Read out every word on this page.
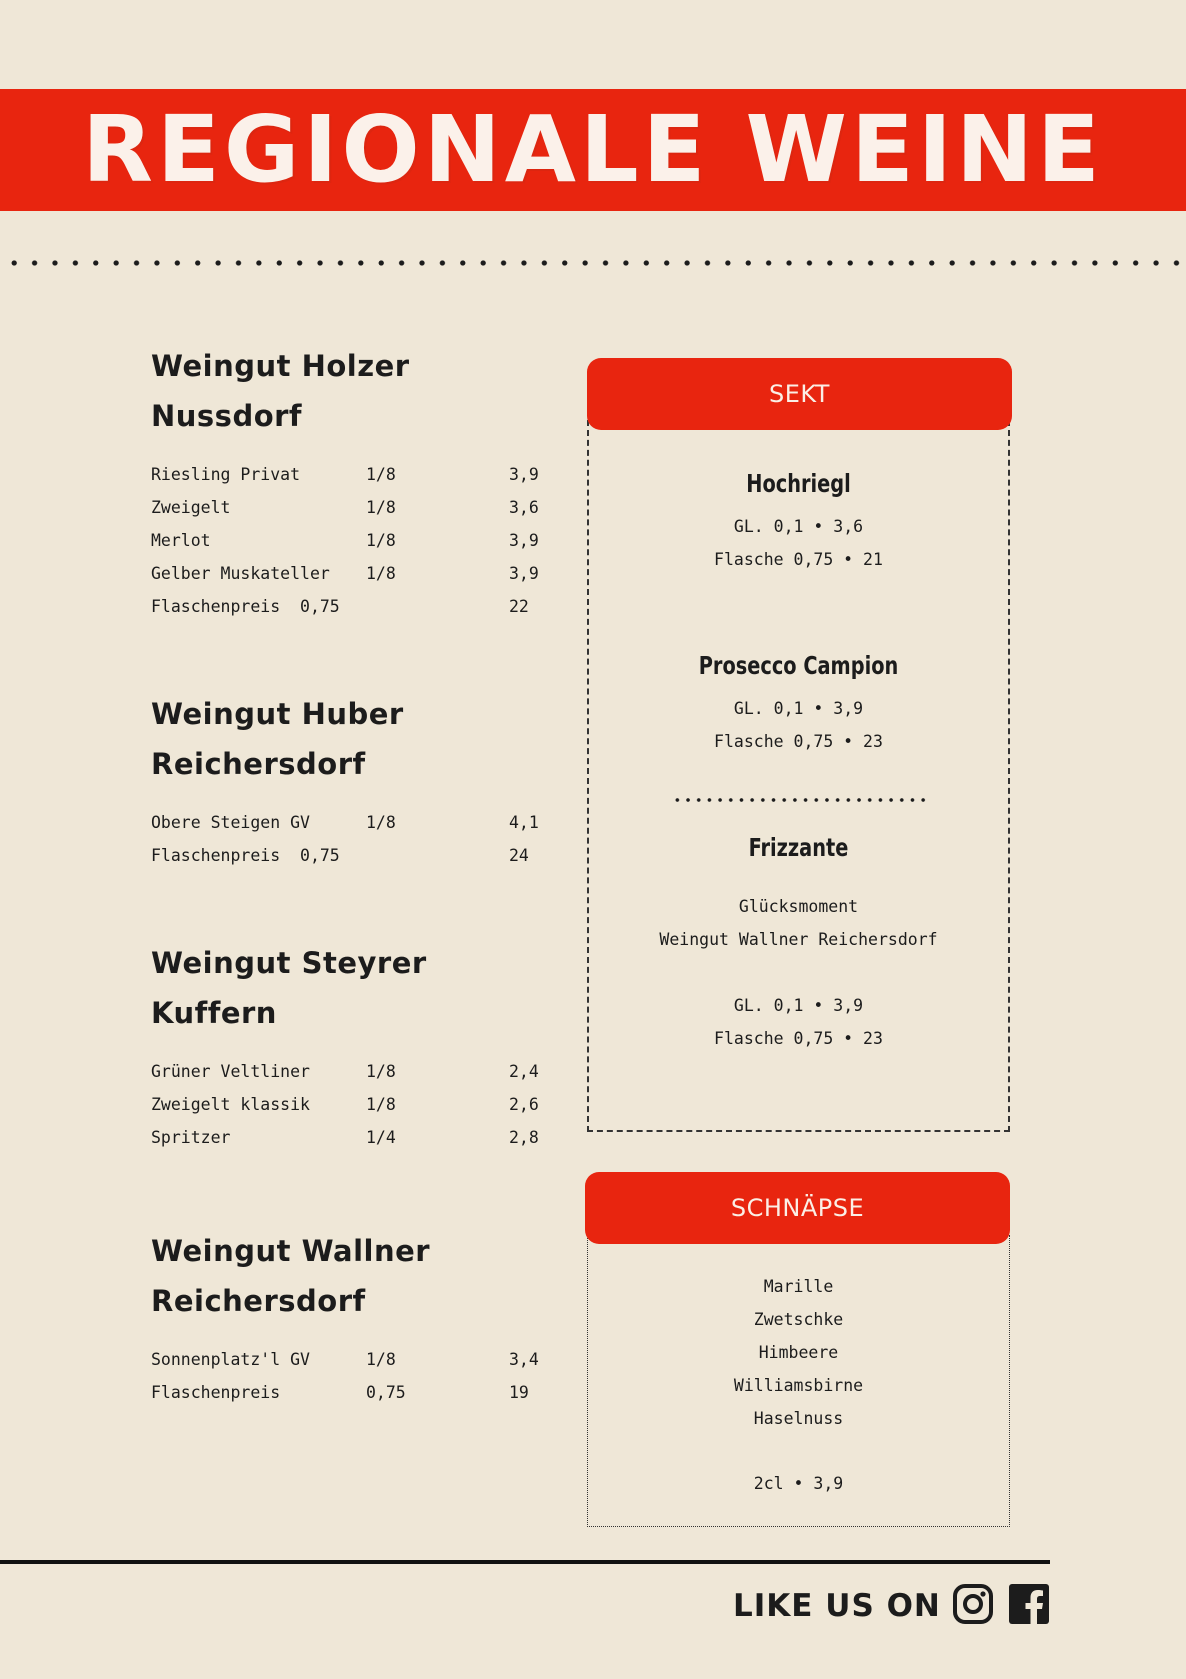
REGIONALE WEINE
Weingut Holzer
Nussdorf
Riesling Privat	1/8	3,9
Zweigelt	1/8	3,6
Merlot	1/8	3,9
Gelber Muskateller 1/8	3,9
Flaschenpreis  0,75	22
Weingut Huber
Reichersdorf
Obere Steigen GV	1/8	4,1
Flaschenpreis  0,75	24
Weingut Steyrer
Kuffern
Grüner Veltliner	1/8	2,4
Zweigelt klassik	1/8	2,6
Spritzer	1/4	2,8
Weingut Wallner
Reichersdorf
Sonnenplatz'l GV	1/8	3,4
Flaschenpreis	0,75	19
SEKT
Hochriegl
GL. 0,1 • 3,6
Flasche 0,75 • 21
Prosecco Campion
GL. 0,1 • 3,9
Flasche 0,75 • 23
Frizzante
Glücksmoment
Weingut Wallner Reichersdorf
GL. 0,1 • 3,9
Flasche 0,75 • 23
SCHNÄPSE
Marille
Zwetschke
Himbeere
Williamsbirne
Haselnuss
2cl • 3,9
LIKE US ON
